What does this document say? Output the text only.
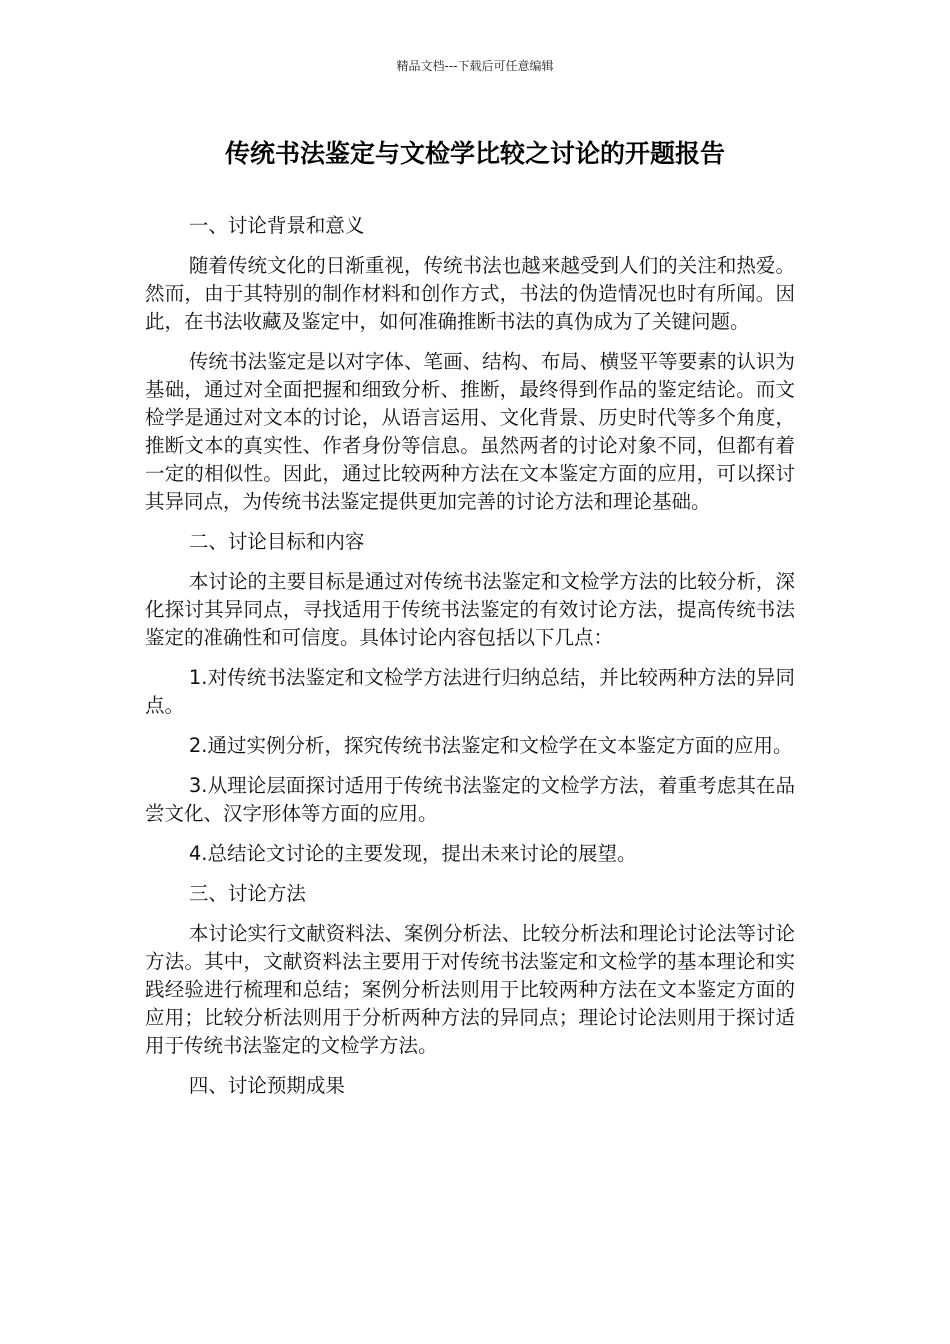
精品文档---下载后可任意编辑
传统书法鉴定与文检学比较之讨论的开题报告
一、讨论背景和意义
随着传统文化的日渐重视，传统书法也越来越受到人们的关注和热爱。然而，由于其特别的制作材料和创作方式，书法的伪造情况也时有所闻。因此，在书法收藏及鉴定中，如何准确推断书法的真伪成为了关键问题。
传统书法鉴定是以对字体、笔画、结构、布局、横竖平等要素的认识为基础，通过对全面把握和细致分析、推断，最终得到作品的鉴定结论。而文检学是通过对文本的讨论，从语言运用、文化背景、历史时代等多个角度，推断文本的真实性、作者身份等信息。虽然两者的讨论对象不同，但都有着一定的相似性。因此，通过比较两种方法在文本鉴定方面的应用，可以探讨其异同点，为传统书法鉴定提供更加完善的讨论方法和理论基础。
二、讨论目标和内容
本讨论的主要目标是通过对传统书法鉴定和文检学方法的比较分析，深化探讨其异同点，寻找适用于传统书法鉴定的有效讨论方法，提高传统书法鉴定的准确性和可信度。具体讨论内容包括以下几点：
1.对传统书法鉴定和文检学方法进行归纳总结，并比较两种方法的异同点。
2.通过实例分析，探究传统书法鉴定和文检学在文本鉴定方面的应用。
3.从理论层面探讨适用于传统书法鉴定的文检学方法，着重考虑其在品尝文化、汉字形体等方面的应用。
4.总结论文讨论的主要发现，提出未来讨论的展望。
三、讨论方法
本讨论实行文献资料法、案例分析法、比较分析法和理论讨论法等讨论方法。其中，文献资料法主要用于对传统书法鉴定和文检学的基本理论和实践经验进行梳理和总结；案例分析法则用于比较两种方法在文本鉴定方面的应用；比较分析法则用于分析两种方法的异同点；理论讨论法则用于探讨适用于传统书法鉴定的文检学方法。
四、讨论预期成果
